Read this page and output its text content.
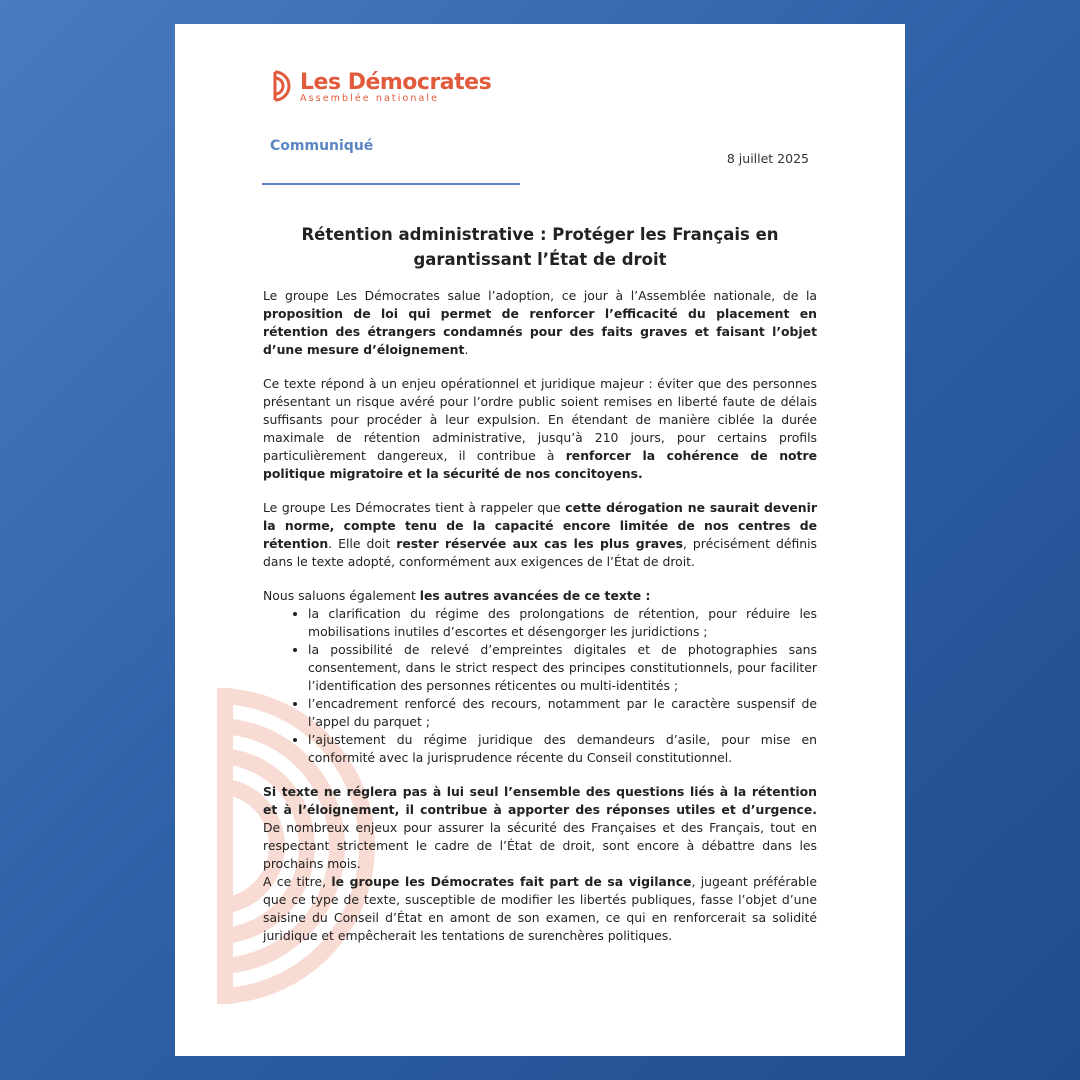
Les Démocrates
Assemblée nationale
Communiqué
8 juillet 2025
Rétention administrative : Protéger les Français en
garantissant l’État de droit

Le groupe Les Démocrates salue l’adoption, ce jour à l’Assemblée nationale, de la proposition de loi qui permet de renforcer l’efficacité du placement en rétention des étrangers condamnés pour des faits graves et faisant l’objet d’une mesure d’éloignement.

Ce texte répond à un enjeu opérationnel et juridique majeur : éviter que des personnes présentant un risque avéré pour l’ordre public soient remises en liberté faute de délais suffisants pour procéder à leur expulsion. En étendant de manière ciblée la durée maximale de rétention administrative, jusqu’à 210 jours, pour certains profils particulièrement dangereux, il contribue à renforcer la cohérence de notre politique migratoire et la sécurité de nos concitoyens.

Le groupe Les Démocrates tient à rappeler que cette dérogation ne saurait devenir la norme, compte tenu de la capacité encore limitée de nos centres de rétention. Elle doit rester réservée aux cas les plus graves, précisément définis dans le texte adopté, conformément aux exigences de l’État de droit.

Nous saluons également les autres avancées de ce texte :

• la clarification du régime des prolongations de rétention, pour réduire les mobilisations inutiles d’escortes et désengorger les juridictions ;
• la possibilité de relevé d’empreintes digitales et de photographies sans consentement, dans le strict respect des principes constitutionnels, pour faciliter l’identification des personnes réticentes ou multi-identités ;
• l’encadrement renforcé des recours, notamment par le caractère suspensif de l’appel du parquet ;
• l’ajustement du régime juridique des demandeurs d’asile, pour mise en conformité avec la jurisprudence récente du Conseil constitutionnel.

Si texte ne réglera pas à lui seul l’ensemble des questions liés à la rétention et à l’éloignement, il contribue à apporter des réponses utiles et d’urgence. De nombreux enjeux pour assurer la sécurité des Françaises et des Français, tout en respectant strictement le cadre de l’État de droit, sont encore à débattre dans les prochains mois.

A ce titre, le groupe les Démocrates fait part de sa vigilance, jugeant préférable que ce type de texte, susceptible de modifier les libertés publiques, fasse l’objet d’une saisine du Conseil d’État en amont de son examen, ce qui en renforcerait sa solidité juridique et empêcherait les tentations de surenchères politiques.
